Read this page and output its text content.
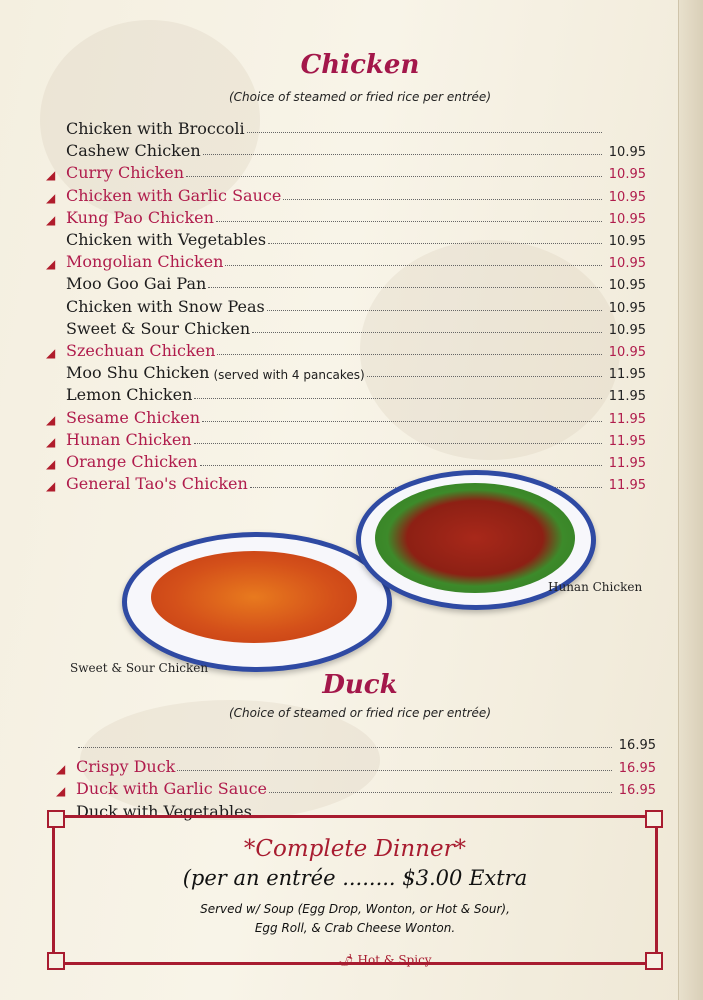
Chicken
(Choice of steamed or fried rice per entrée)
Chicken with Broccoli
Cashew Chicken	10.95
◢ Curry Chicken	10.95
◢ Chicken with Garlic Sauce	10.95
◢ Kung Pao Chicken	10.95
Chicken with Vegetables	10.95
◢ Mongolian Chicken	10.95
Moo Goo Gai Pan	10.95
Chicken with Snow Peas	10.95
Sweet & Sour Chicken	10.95
◢ Szechuan Chicken	10.95
Moo Shu Chicken (served with 4 pancakes)	11.95
Lemon Chicken	11.95
◢ Sesame Chicken	11.95
◢ Hunan Chicken	11.95
◢ Orange Chicken	11.95
◢ General Tao's Chicken	11.95
Sweet & Sour Chicken
Hunan Chicken
Duck
(Choice of steamed or fried rice per entrée)
16.95
◢ Crispy Duck	16.95
◢ Duck with Garlic Sauce	16.95
Duck with Vegetables
*Complete Dinner*
(per an entrée ........ $3.00 Extra
Served w/ Soup (Egg Drop, Wonton, or Hot & Sour),
Egg Roll, & Crab Cheese Wonton.
🌶︎ Hot & Spicy
